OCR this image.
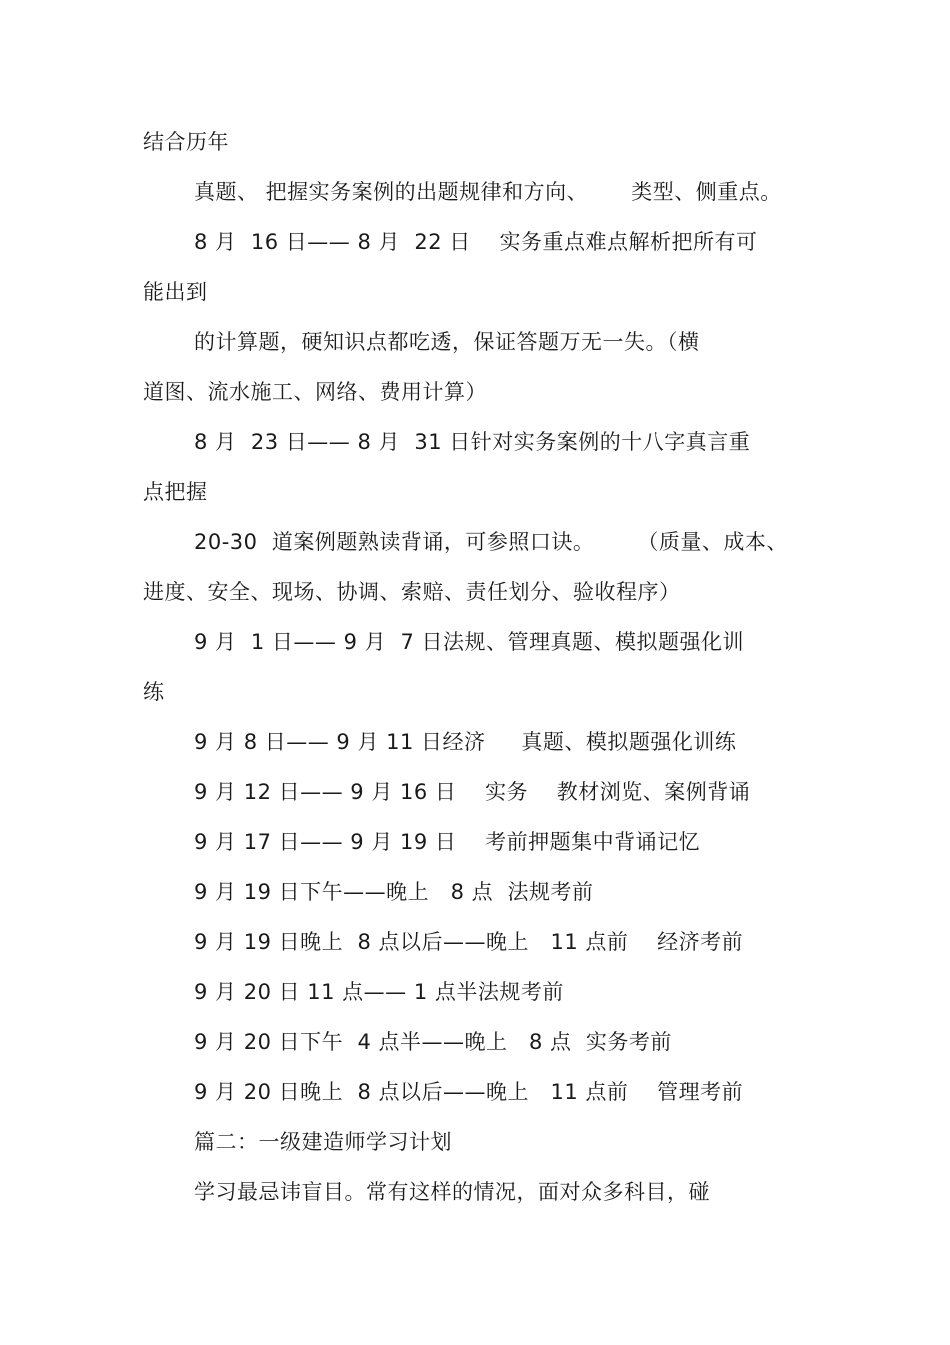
结合历年
真题、 把握实务案例的出题规律和方向、      类型、侧重点。
8 月  16 日—— 8 月  22 日    实务重点难点解析把所有可
能出到
的计算题，硬知识点都吃透，保证答题万无一失。（横
道图、流水施工、网络、费用计算）
8 月  23 日—— 8 月  31 日针对实务案例的十八字真言重
点把握
20-30  道案例题熟读背诵，可参照口诀。      （质量、成本、
进度、安全、现场、协调、索赔、责任划分、验收程序）
9 月  1 日—— 9 月  7 日法规、管理真题、模拟题强化训
练
9 月 8 日—— 9 月 11 日经济     真题、模拟题强化训练
9 月 12 日—— 9 月 16 日    实务    教材浏览、案例背诵
9 月 17 日—— 9 月 19 日    考前押题集中背诵记忆
9 月 19 日下午——晚上   8 点  法规考前
9 月 19 日晚上  8 点以后——晚上   11 点前    经济考前
9 月 20 日 11 点—— 1 点半法规考前
9 月 20 日下午  4 点半——晚上   8 点  实务考前
9 月 20 日晚上  8 点以后——晚上   11 点前    管理考前
篇二：一级建造师学习计划
学习最忌讳盲目。常有这样的情况，面对众多科目，碰
